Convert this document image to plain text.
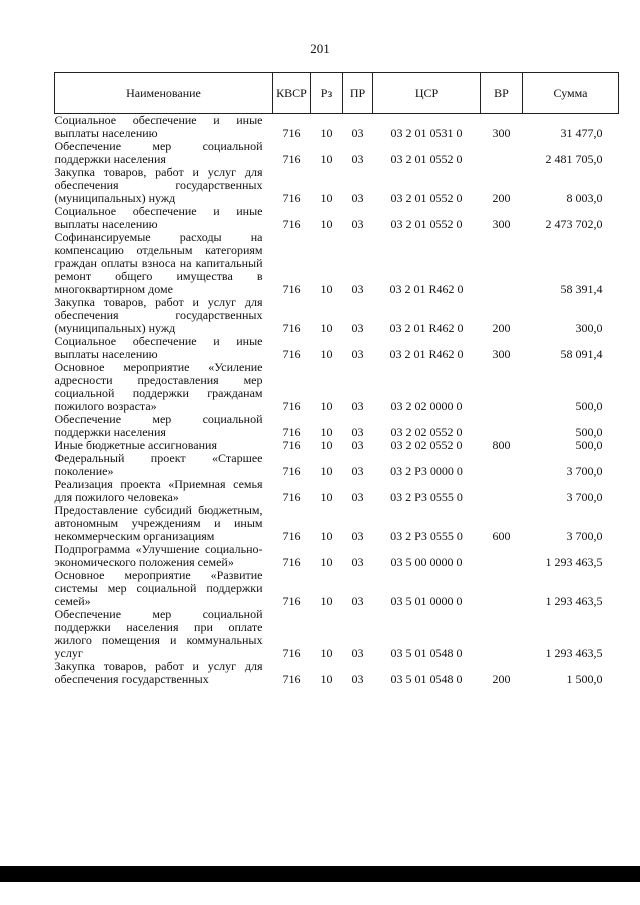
201
Наименование	КВСР	Рз	ПР	ЦСР	ВР	Сумма
Социальное обеспечение и иные выплаты населению	716	10	03	03 2 01 0531 0	300	31 477,0
Обеспечение мер социальной поддержки населения	716	10	03	03 2 01 0552 0		2 481 705,0
Закупка товаров, работ и услуг для обеспечения государственных (муниципальных) нужд	716	10	03	03 2 01 0552 0	200	8 003,0
Социальное обеспечение и иные выплаты населению	716	10	03	03 2 01 0552 0	300	2 473 702,0
Софинансируемые расходы на компенсацию отдельным категориям граждан оплаты взноса на капитальный ремонт общего имущества в многоквартирном доме	716	10	03	03 2 01 R462 0		58 391,4
Закупка товаров, работ и услуг для обеспечения государственных (муниципальных) нужд	716	10	03	03 2 01 R462 0	200	300,0
Социальное обеспечение и иные выплаты населению	716	10	03	03 2 01 R462 0	300	58 091,4
Основное мероприятие «Усиление адресности предоставления мер социальной поддержки гражданам пожилого возраста»	716	10	03	03 2 02 0000 0		500,0
Обеспечение мер социальной поддержки населения	716	10	03	03 2 02 0552 0		500,0
Иные бюджетные ассигнования	716	10	03	03 2 02 0552 0	800	500,0
Федеральный проект «Старшее поколение»	716	10	03	03 2 P3 0000 0		3 700,0
Реализация проекта «Приемная семья для пожилого человека»	716	10	03	03 2 P3 0555 0		3 700,0
Предоставление субсидий бюджетным, автономным учреждениям и иным некоммерческим организациям	716	10	03	03 2 P3 0555 0	600	3 700,0
Подпрограмма «Улучшение социально-экономического положения семей»	716	10	03	03 5 00 0000 0		1 293 463,5
Основное мероприятие «Развитие системы мер социальной поддержки семей»	716	10	03	03 5 01 0000 0		1 293 463,5
Обеспечение мер социальной поддержки населения при оплате жилого помещения и коммунальных услуг	716	10	03	03 5 01 0548 0		1 293 463,5
Закупка товаров, работ и услуг для обеспечения государственных	716	10	03	03 5 01 0548 0	200	1 500,0
